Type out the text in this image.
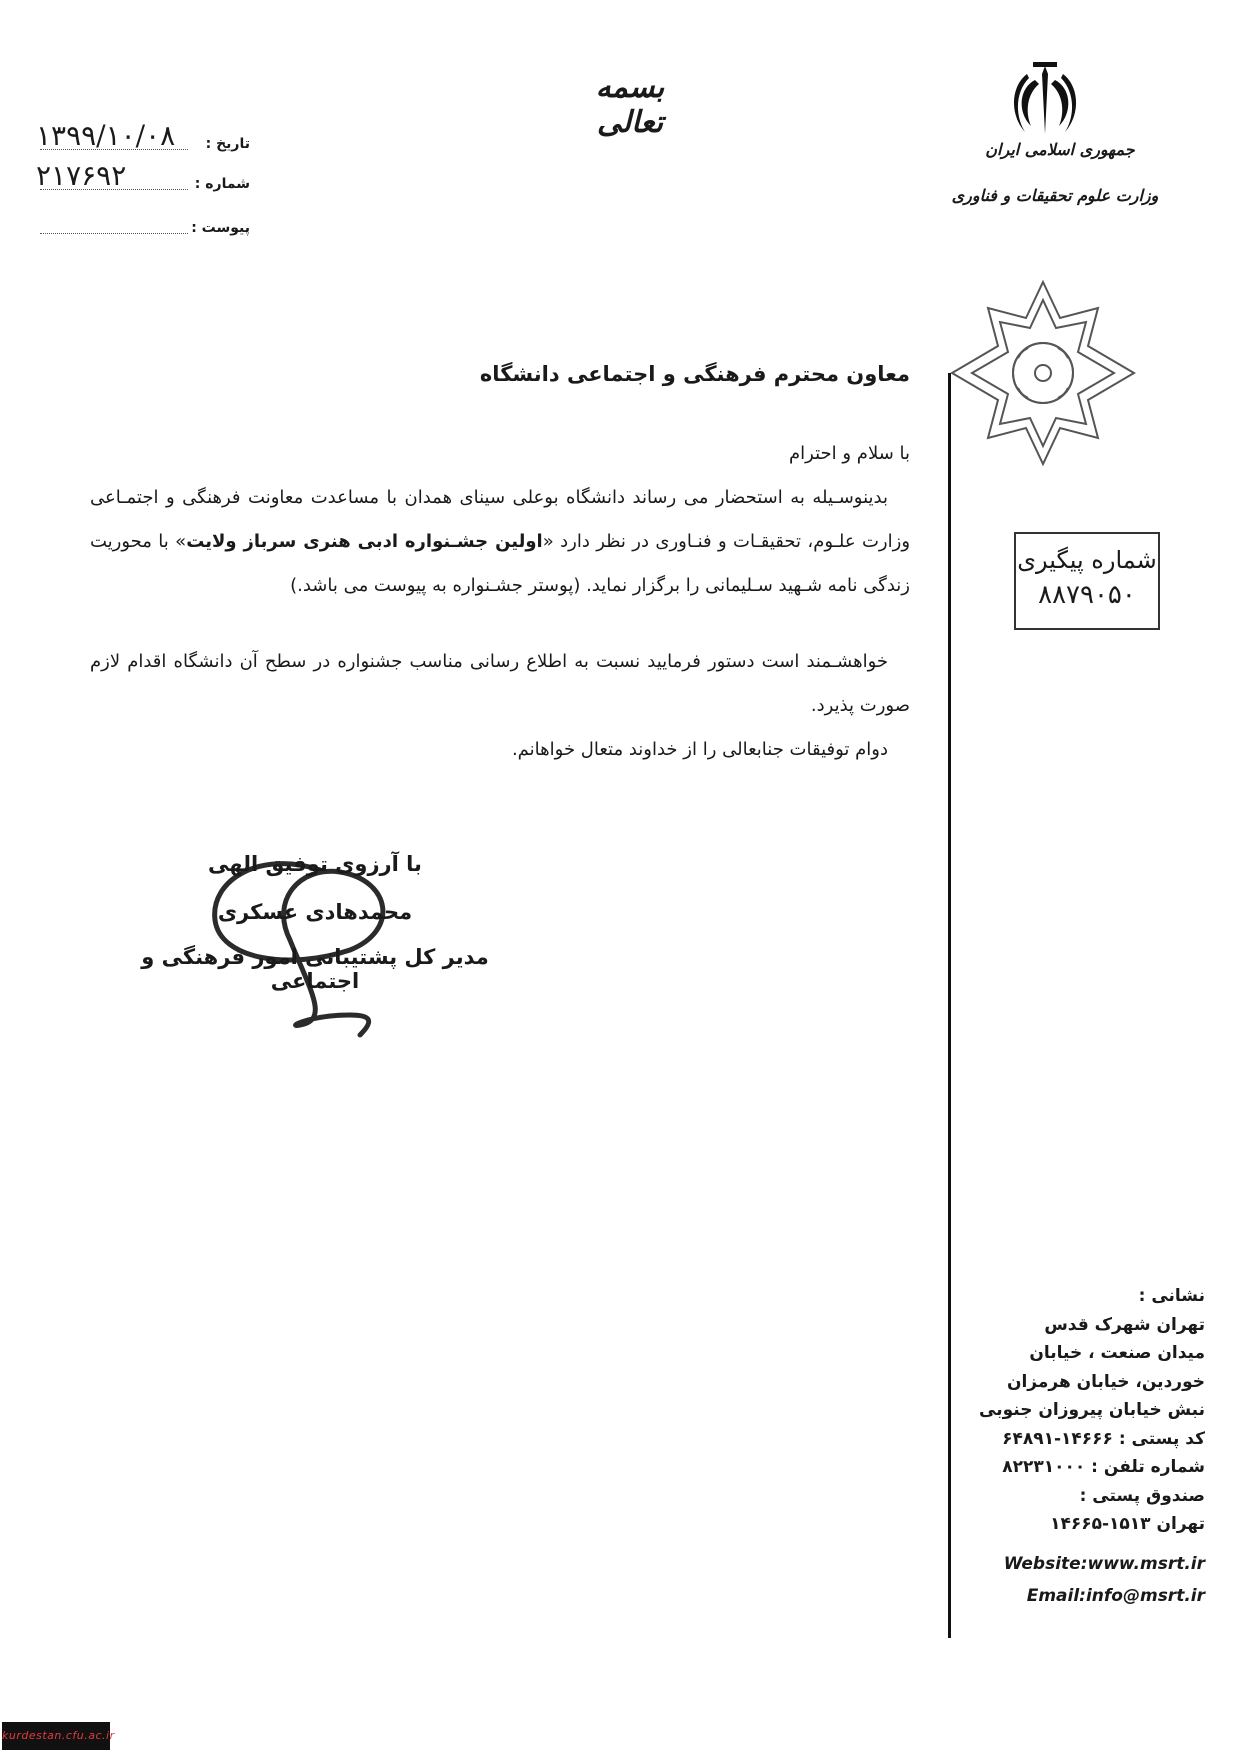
بسمه تعالی
تاریخ :
۱۳۹۹/۱۰/۰۸
شماره :
۲۱۷۶۹۲
پیوست :
جمهوری اسلامی ایران
وزارت علوم تحقیقات و فناوری
شماره پیگیری
۸۸۷۹۰۵۰
معاون محترم فرهنگی و اجتماعی دانشگاه
با سلام و احترام
بدینوسـیله به استحضار می رساند دانشگاه بوعلی سینای همدان با مساعدت معاونت فرهنگی و اجتمـاعی وزارت علـوم، تحقیقـات و فنـاوری در نظر دارد «اولین جشـنواره ادبی هنری سرباز ولایت» با محوریت زندگی نامه شـهید سـلیمانی را برگزار نماید. (پوستر جشـنواره به پیوست می باشد.)
خواهشـمند است دستور فرمایید نسبت به اطلاع رسانی مناسب جشنواره در سطح آن دانشگاه اقدام لازم صورت پذیرد.
دوام توفیقات جنابعالی را از خداوند متعال خواهانم.
با آرزوی توفیق الهی
محمدهادی عسکری
مدیر کل پشتیبانی امور فرهنگی و اجتماعی
نشانی :
تهران شهرک قدس
میدان صنعت ، خیابان
خوردین، خیابان هرمزان
نبش خیابان پیروزان جنوبی
کد پستی : ۱۴۶۶۶-۶۴۸۹۱
شماره تلفن : ۸۲۲۳۱۰۰۰
صندوق پستی :
تهران ۱۵۱۳-۱۴۶۶۵
Website:www.msrt.ir
Email:info@msrt.ir
kurdestan.cfu.ac.ir
